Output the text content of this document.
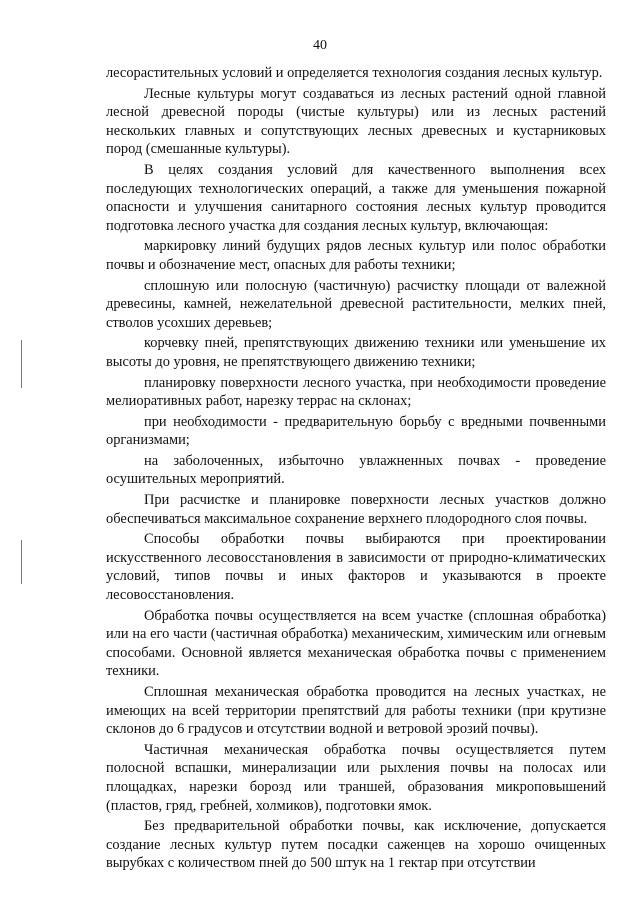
40

лесорастительных условий и определяется технология создания лесных культур.

Лесные культуры могут создаваться из лесных растений одной главной лесной древесной породы (чистые культуры) или из лесных растений нескольких главных и сопутствующих лесных древесных и кустарниковых пород (смешанные культуры).

В целях создания условий для качественного выполнения всех последующих технологических операций, а также для уменьшения пожарной опасности и улучшения санитарного состояния лесных культур проводится подготовка лесного участка для создания лесных культур, включающая:

маркировку линий будущих рядов лесных культур или полос обработки почвы и обозначение мест, опасных для работы техники;

сплошную или полосную (частичную) расчистку площади от валежной древесины, камней, нежелательной древесной растительности, мелких пней, стволов усохших деревьев;

корчевку пней, препятствующих движению техники или уменьшение их высоты до уровня, не препятствующего движению техники;

планировку поверхности лесного участка, при необходимости проведение мелиоративных работ, нарезку террас на склонах;

при необходимости - предварительную борьбу с вредными почвенными организмами;

на заболоченных, избыточно увлажненных почвах - проведение осушительных мероприятий.

При расчистке и планировке поверхности лесных участков должно обеспечиваться максимальное сохранение верхнего плодородного слоя почвы.

Способы обработки почвы выбираются при проектировании искусственного лесовосстановления в зависимости от природно-климатических условий, типов почвы и иных факторов и указываются в проекте лесовосстановления.

Обработка почвы осуществляется на всем участке (сплошная обработка) или на его части (частичная обработка) механическим, химическим или огневым способами. Основной является механическая обработка почвы с применением техники.

Сплошная механическая обработка проводится на лесных участках, не имеющих на всей территории препятствий для работы техники (при крутизне склонов до 6 градусов и отсутствии водной и ветровой эрозий почвы).

Частичная механическая обработка почвы осуществляется путем полосной вспашки, минерализации или рыхления почвы на полосах или площадках, нарезки борозд или траншей, образования микроповышений (пластов, гряд, гребней, холмиков), подготовки ямок.

Без предварительной обработки почвы, как исключение, допускается создание лесных культур путем посадки саженцев на хорошо очищенных вырубках с количеством пней до 500 штук на 1 гектар при отсутствии
